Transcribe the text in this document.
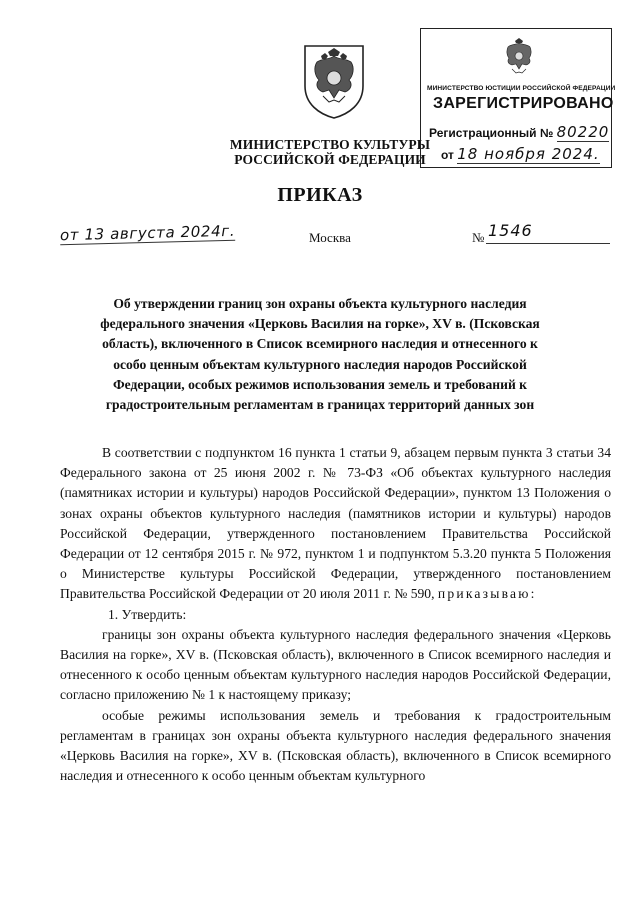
МИНИСТЕРСТВО КУЛЬТУРЫ
РОССИЙСКОЙ ФЕДЕРАЦИИ
МИНИСТЕРСТВО ЮСТИЦИИ РОССИЙСКОЙ ФЕДЕРАЦИИ
ЗАРЕГИСТРИРОВАНО
Регистрационный № 80220
от 18 ноября 2024.
ПРИКАЗ
от 13 августа 2024г.	Москва	№ 1546
Об утверждении границ зон охраны объекта культурного наследия федерального значения «Церковь Василия на горке», XV в. (Псковская область), включенного в Список всемирного наследия и отнесенного к особо ценным объектам культурного наследия народов Российской Федерации, особых режимов использования земель и требований к градостроительным регламентам в границах территорий данных зон

В соответствии с подпунктом 16 пункта 1 статьи 9, абзацем первым пункта 3 статьи 34 Федерального закона от 25 июня 2002 г. № 73-ФЗ «Об объектах культурного наследия (памятниках истории и культуры) народов Российской Федерации», пунктом 13 Положения о зонах охраны объектов культурного наследия (памятников истории и культуры) народов Российской Федерации, утвержденного постановлением Правительства Российской Федерации от 12 сентября 2015 г. № 972, пунктом 1 и подпунктом 5.3.20 пункта 5 Положения о Министерстве культуры Российской Федерации, утвержденного постановлением Правительства Российской Федерации от 20 июля 2011 г. № 590, приказываю:

1. Утвердить:

границы зон охраны объекта культурного наследия федерального значения «Церковь Василия на горке», XV в. (Псковская область), включенного в Список всемирного наследия и отнесенного к особо ценным объектам культурного наследия народов Российской Федерации, согласно приложению № 1 к настоящему приказу;

особые режимы использования земель и требования к градостроительным регламентам в границах зон охраны объекта культурного наследия федерального значения «Церковь Василия на горке», XV в. (Псковская область), включенного в Список всемирного наследия и отнесенного к особо ценным объектам культурного
